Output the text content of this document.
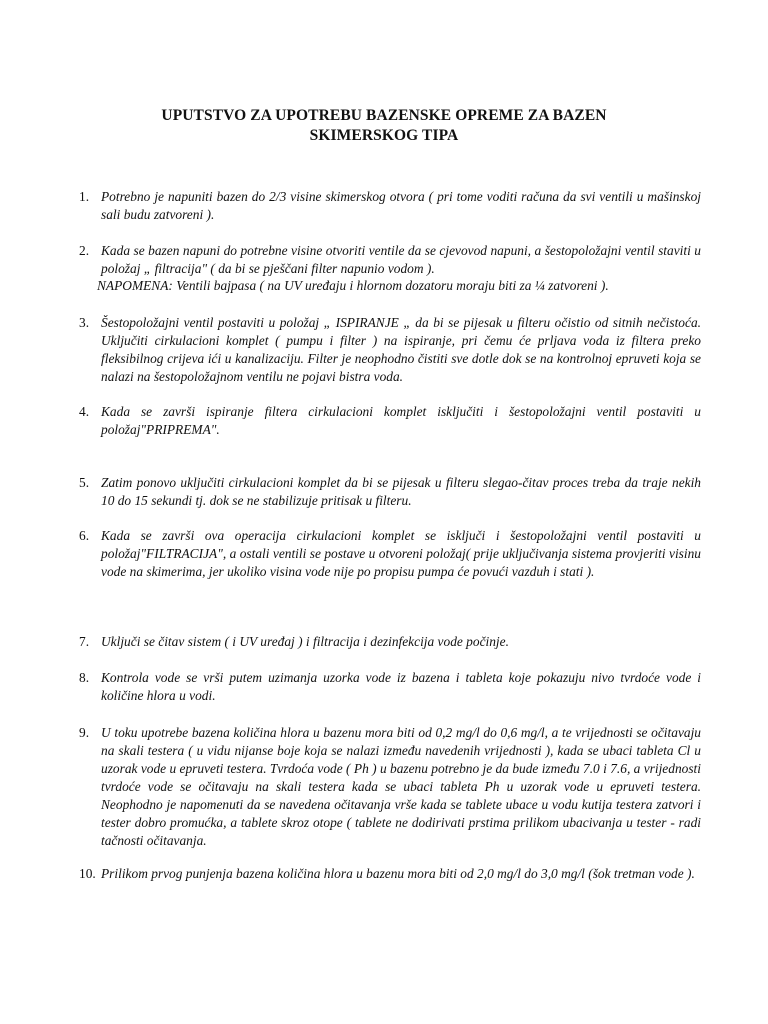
UPUTSTVO ZA UPOTREBU BAZENSKE OPREME ZA BAZEN
SKIMERSKOG TIPA
1. Potrebno je napuniti bazen do 2/3 visine skimerskog otvora ( pri tome voditi računa da svi ventili u mašinskoj sali budu zatvoreni ).
2. Kada se bazen napuni do potrebne visine otvoriti ventile da se cjevovod napuni, a šestopoložajni ventil staviti u položaj „ filtracija" ( da bi se pješčani filter napunio vodom ).
NAPOMENA: Ventili bajpasa ( na UV uređaju i hlornom dozatoru moraju biti za ¼ zatvoreni ).
3. Šestopoložajni ventil postaviti u položaj „ ISPIRANJE „ da bi se pijesak u filteru očistio od sitnih nečistoća. Uključiti cirkulacioni komplet ( pumpu i filter ) na ispiranje, pri čemu će prljava voda iz filtera preko fleksibilnog crijeva ići u kanalizaciju. Filter je neophodno čistiti sve dotle dok se na kontrolnoj epruveti koja se nalazi na šestopoložajnom ventilu ne pojavi bistra voda.
4. Kada se završi ispiranje filtera cirkulacioni komplet isključiti i šestopoložajni ventil postaviti u položaj"PRIPREMA".
5. Zatim ponovo uključiti cirkulacioni komplet da bi se pijesak u filteru slegao-čitav proces treba da traje nekih 10 do 15 sekundi tj. dok se ne stabilizuje pritisak u filteru.
6. Kada se završi ova operacija cirkulacioni komplet se isključi i šestopoložajni ventil postaviti u položaj"FILTRACIJA", a ostali ventili se postave u otvoreni položaj( prije uključivanja sistema provjeriti visinu vode na skimerima, jer ukoliko visina vode nije po propisu pumpa će povući vazduh i stati ).
7. Uključi se čitav sistem ( i UV uređaj ) i filtracija i dezinfekcija vode počinje.
8. Kontrola vode se vrši putem uzimanja uzorka vode iz bazena i tableta koje pokazuju nivo tvrdoće vode i količine hlora u vodi.
9. U toku upotrebe bazena količina hlora u bazenu mora biti od 0,2 mg/l do 0,6 mg/l, a te vrijednosti se očitavaju na skali testera ( u vidu nijanse boje koja se nalazi između navedenih vrijednosti ), kada se ubaci tableta Cl u uzorak vode u epruveti testera. Tvrdoća vode ( Ph ) u bazenu potrebno je da bude između 7.0 i 7.6, a vrijednosti tvrdoće vode se očitavaju na skali testera kada se ubaci tableta Ph u uzorak vode u epruveti testera. Neophodno je napomenuti da se navedena očitavanja vrše kada se tablete ubace u vodu kutija testera zatvori i tester dobro promućka, a tablete skroz otope ( tablete ne dodirivati prstima prilikom ubacivanja u tester - radi tačnosti očitavanja.
10. Prilikom prvog punjenja bazena količina hlora u bazenu mora biti od 2,0 mg/l do 3,0 mg/l (šok tretman vode ).
